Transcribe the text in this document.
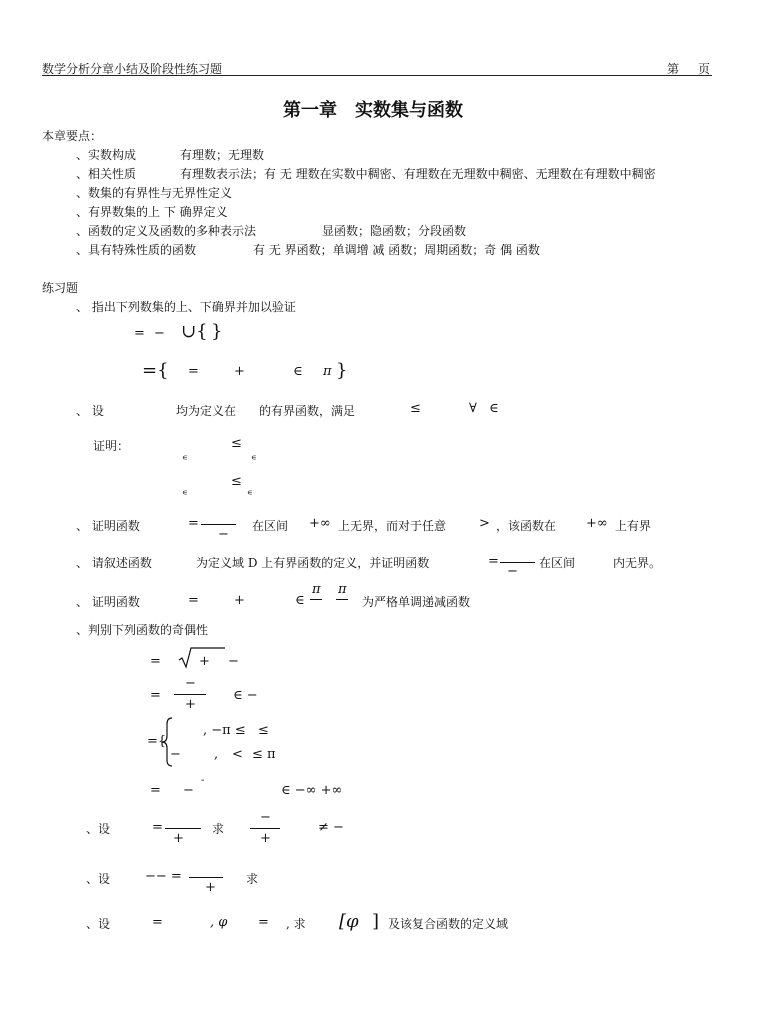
数学分析分章小结及阶段性练习题	第 页
第一章　实数集与函数
本章要点：
、实数构成	有理数；无理数
、相关性质	有理数表示法；有 无 理数在实数中稠密、有理数在无理数中稠密、无理数在有理数中稠密
、数集的有界性与无界性定义
、有界数集的上 下 确界定义
、函数的定义及函数的多种表示法	显函数；隐函数；分段函数
、具有特殊性质的函数	有 无 界函数；单调增 减 函数；周期函数；奇 偶 函数
练习题
、 指出下列数集的上、下确界并加以验证
= − ∪{ }
={ =	+	∈ π }
、 设	均为定义在 的有界函数，满足	≤	∀ ∈
证明：	≤
∊	∊
≤
∊	∊
、 证明函数	=
−
在区间 +∞ 上无界，而对于任意	> ，该函数在 +∞ 上有界
、 请叙述函数	为定义域 D 上有界函数的定义，并证明函数	=
−
在区间	内无界。
、 证明函数	=	+	∈
π π
为严格单调递减函数
、判别下列函数的奇偶性
=	+ −
=
−
+
∈ −
={
, −π ≤ ≤
−	, < ≤ π
= −
-
∈ −∞ +∞
、设	=
+
求
−
+
≠ −
、设	−− =
+
求
、设	=	, φ = , 求 [φ ] 及该复合函数的定义域
